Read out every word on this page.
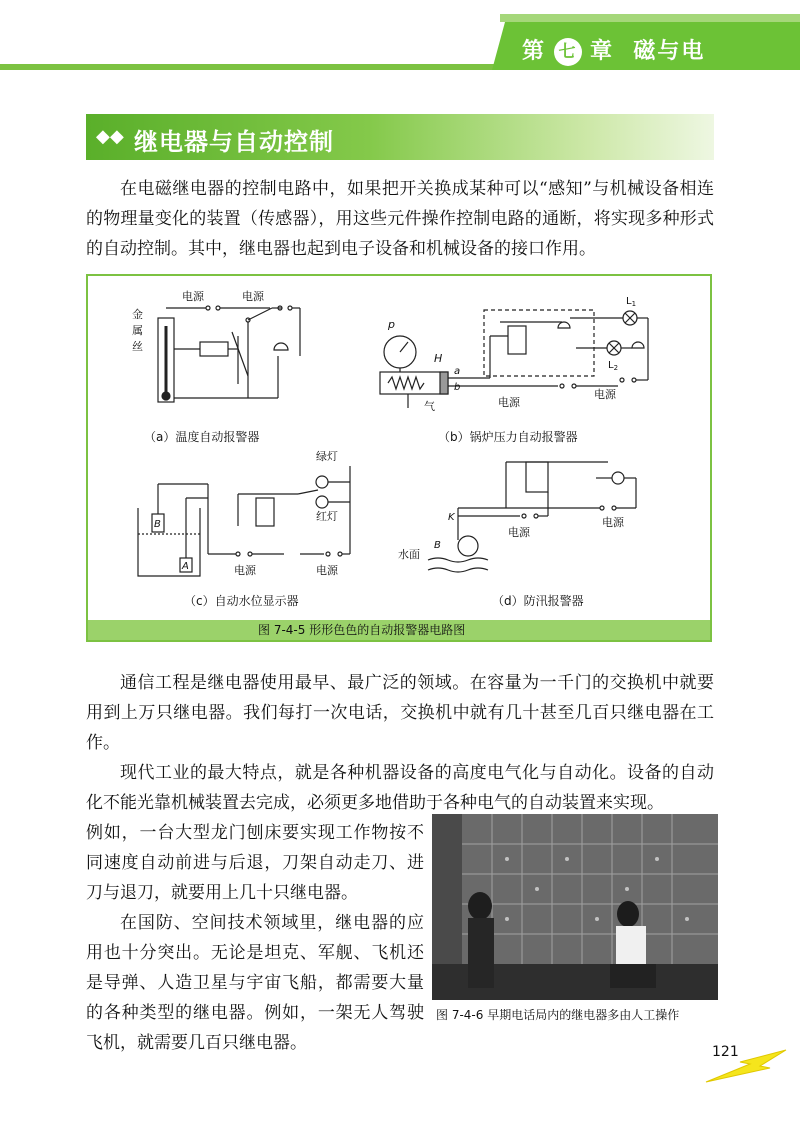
第 七 章 磁与电
◆ ◆ 继电器与自动控制

在电磁继电器的控制电路中，如果把开关换成某种可以“感知”与机械设备相连的物理量变化的装置（传感器），用这些元件操作控制电路的通断，将实现多种形式的自动控制。其中，继电器也起到电子设备和机械设备的接口作用。

电源	电源
金
属
丝
p
H
a
b
气	电源
电源
$L_1$
$L_2$
电源	电源
绿灯
红灯
B
A
K
B
水面
电源
电源
（a）温度自动报警器	（b）锅炉压力自动报警器
（c）自动水位显示器	（d）防汛报警器
图 7-4-5 形形色色的自动报警器电路图

通信工程是继电器使用最早、最广泛的领域。在容量为一千门的交换机中就要用到上万只继电器。我们每打一次电话，交换机中就有几十甚至几百只继电器在工作。

现代工业的最大特点，就是各种机器设备的高度电气化与自动化。设备的自动化不能光靠机械装置去完成，必须更多地借助于各种电气的自动装置来实现。

例如，一台大型龙门刨床要实现工作物按不同速度自动前进与后退，刀架自动走刀、进刀与退刀，就要用上几十只继电器。

在国防、空间技术领域里，继电器的应用也十分突出。无论是坦克、军舰、飞机还是导弹、人造卫星与宇宙飞船，都需要大量的各种类型的继电器。例如，一架无人驾驶飞机，就需要几百只继电器。

图 7-4-6 早期电话局内的继电器多由人工操作
121
